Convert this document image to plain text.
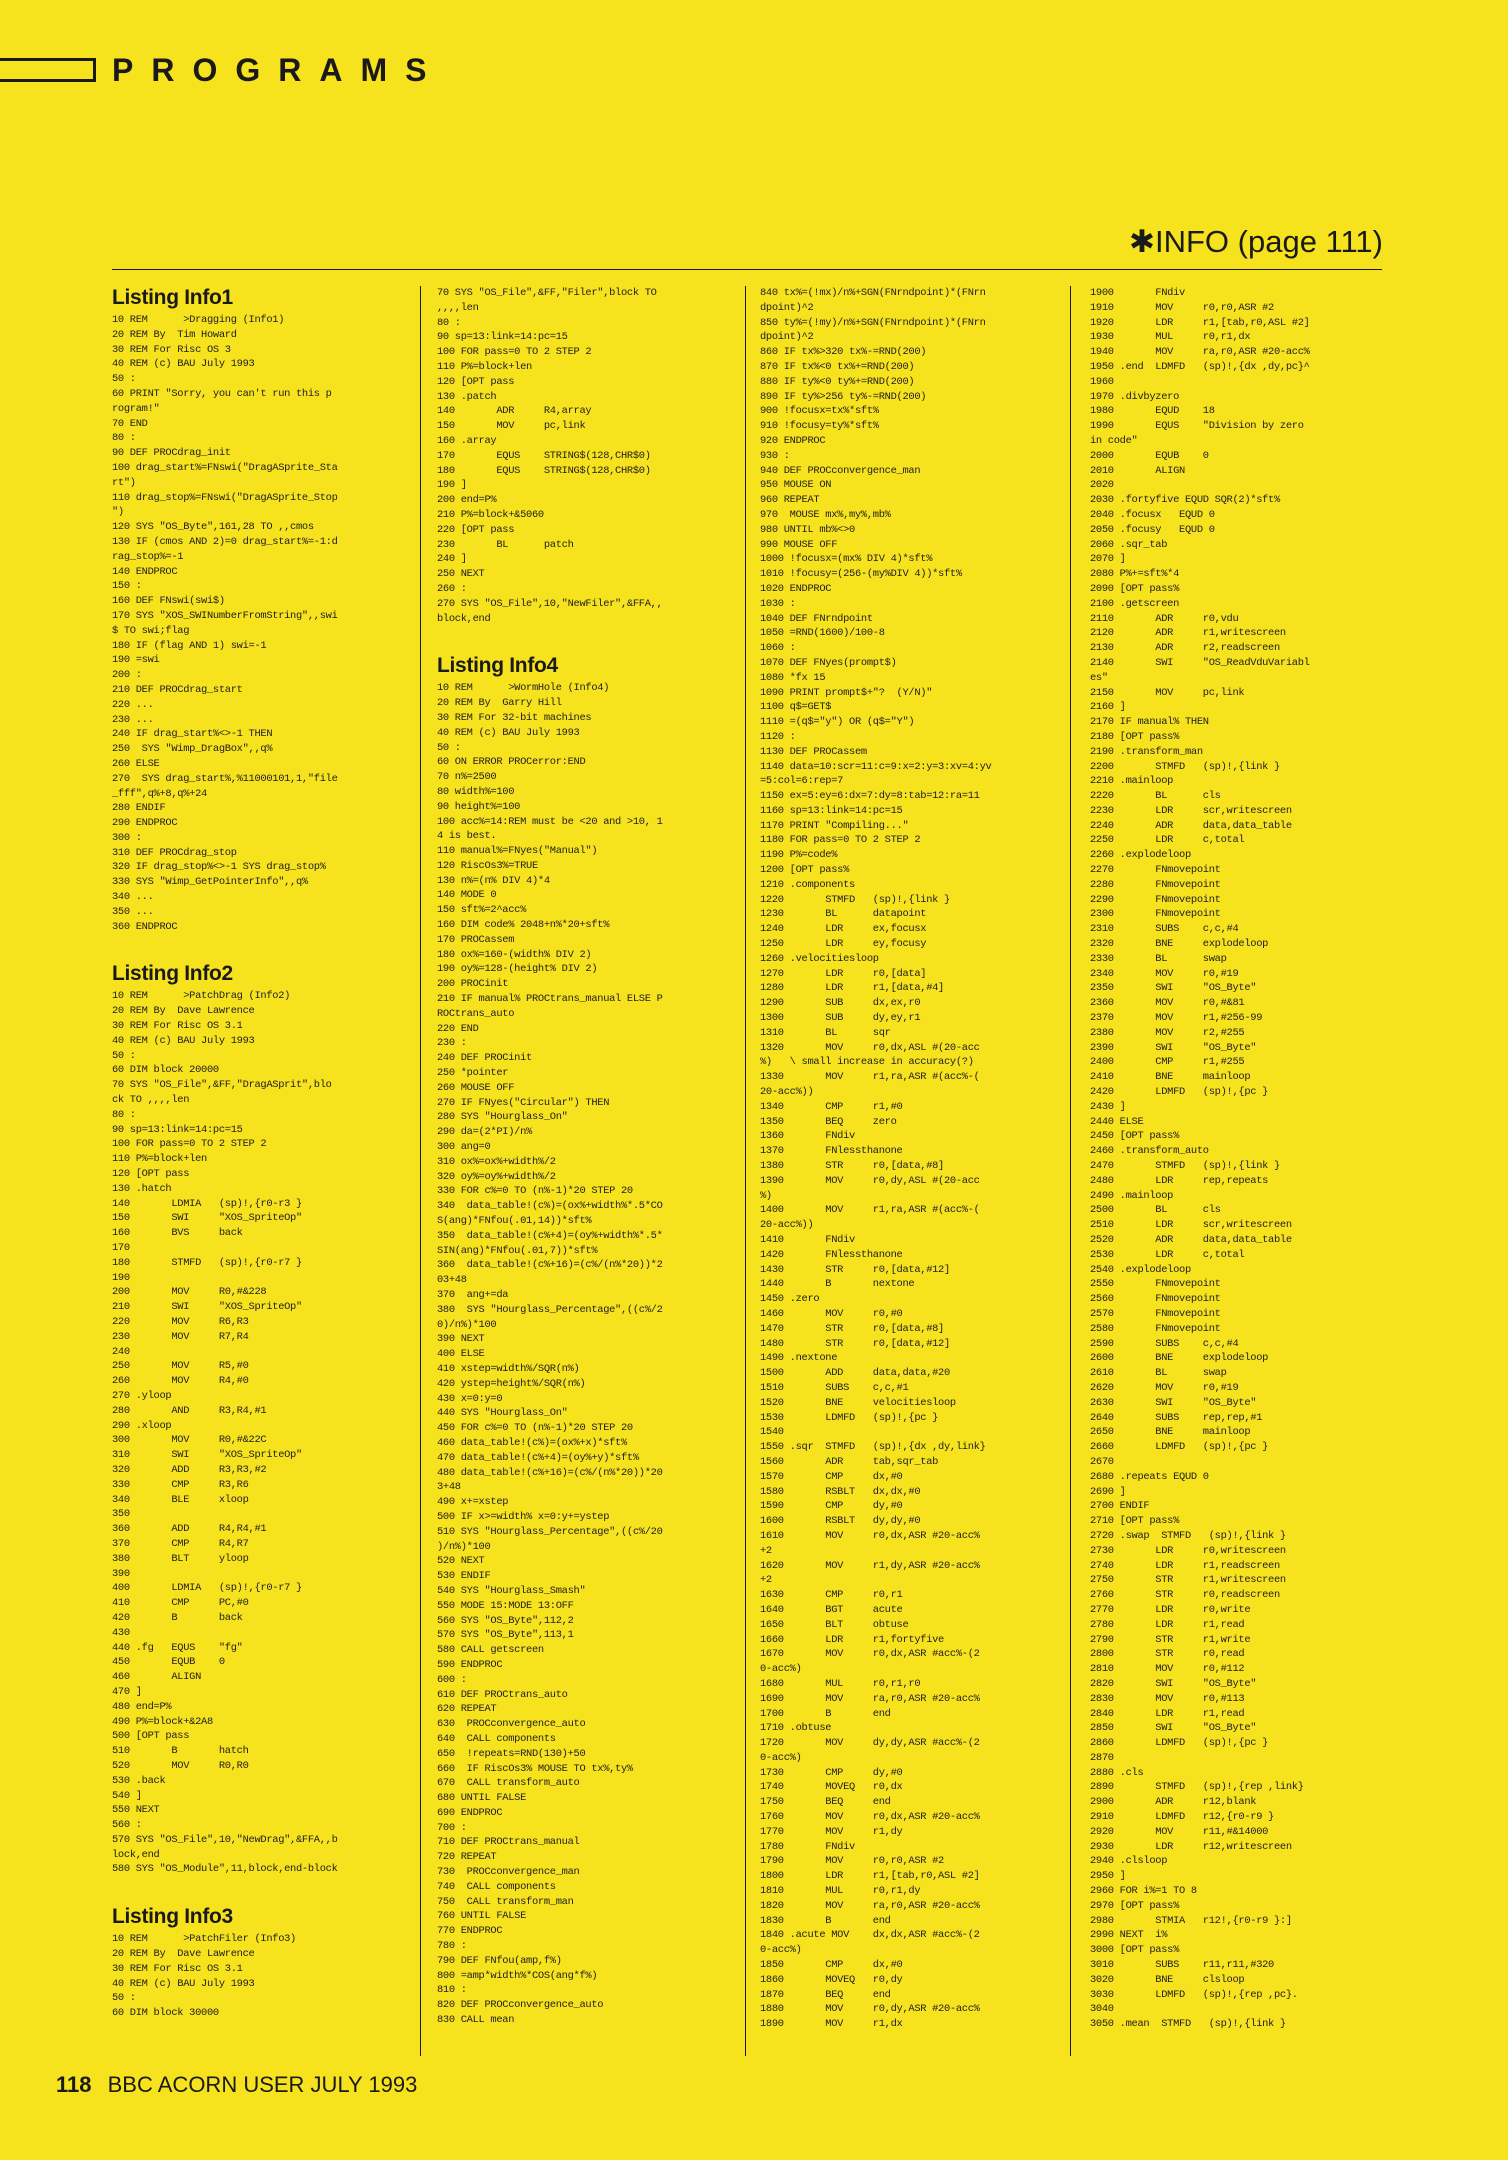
PROGRAMS
✱INFO (page 111)
Listing Info1
10 REM      >Dragging (Info1)
20 REM By  Tim Howard
30 REM For Risc OS 3
40 REM (c) BAU July 1993
50 :
60 PRINT "Sorry, you can't run this p
rogram!"
70 END
80 :
90 DEF PROCdrag_init
100 drag_start%=FNswi("DragASprite_Sta
rt")
110 drag_stop%=FNswi("DragASprite_Stop
")
120 SYS "OS_Byte",161,28 TO ,,cmos
130 IF (cmos AND 2)=0 drag_start%=-1:d
rag_stop%=-1
140 ENDPROC
150 :
160 DEF FNswi(swi$)
170 SYS "XOS_SWINumberFromString",,swi
$ TO swi;flag
180 IF (flag AND 1) swi=-1
190 =swi
200 :
210 DEF PROCdrag_start
220 ...
230 ...
240 IF drag_start%<>-1 THEN
250  SYS "Wimp_DragBox",,q%
260 ELSE
270  SYS drag_start%,%11000101,1,"file
_fff",q%+8,q%+24
280 ENDIF
290 ENDPROC
300 :
310 DEF PROCdrag_stop
320 IF drag_stop%<>-1 SYS drag_stop%
330 SYS "Wimp_GetPointerInfo",,q%
340 ...
350 ...
360 ENDPROC
Listing Info2
10 REM      >PatchDrag (Info2)
20 REM By  Dave Lawrence
30 REM For Risc OS 3.1
40 REM (c) BAU July 1993
50 :
60 DIM block 20000
70 SYS "OS_File",&FF,"DragASprit",blo
ck TO ,,,,len
80 :
90 sp=13:link=14:pc=15
100 FOR pass=0 TO 2 STEP 2
110 P%=block+len
120 [OPT pass
130 .hatch
140       LDMIA   (sp)!,{r0-r3 }
150       SWI     "XOS_SpriteOp"
160       BVS     back
170
180       STMFD   (sp)!,{r0-r7 }
190
200       MOV     R0,#&228
210       SWI     "XOS_SpriteOp"
220       MOV     R6,R3
230       MOV     R7,R4
240
250       MOV     R5,#0
260       MOV     R4,#0
270 .yloop
280       AND     R3,R4,#1
290 .xloop
300       MOV     R0,#&22C
310       SWI     "XOS_SpriteOp"
320       ADD     R3,R3,#2
330       CMP     R3,R6
340       BLE     xloop
350
360       ADD     R4,R4,#1
370       CMP     R4,R7
380       BLT     yloop
390
400       LDMIA   (sp)!,{r0-r7 }
410       CMP     PC,#0
420       B       back
430
440 .fg   EQUS    "fg"
450       EQUB    0
460       ALIGN
470 ]
480 end=P%
490 P%=block+&2A8
500 [OPT pass
510       B       hatch
520       MOV     R0,R0
530 .back
540 ]
550 NEXT
560 :
570 SYS "OS_File",10,"NewDrag",&FFA,,b
lock,end
580 SYS "OS_Module",11,block,end-block
Listing Info3
10 REM      >PatchFiler (Info3)
20 REM By  Dave Lawrence
30 REM For Risc OS 3.1
40 REM (c) BAU July 1993
50 :
60 DIM block 30000
70 SYS "OS_File",&FF,"Filer",block TO
,,,,len
80 :
90 sp=13:link=14:pc=15
100 FOR pass=0 TO 2 STEP 2
110 P%=block+len
120 [OPT pass
130 .patch
140       ADR     R4,array
150       MOV     pc,link
160 .array
170       EQUS    STRING$(128,CHR$0)
180       EQUS    STRING$(128,CHR$0)
190 ]
200 end=P%
210 P%=block+&5060
220 [OPT pass
230       BL      patch
240 ]
250 NEXT
260 :
270 SYS "OS_File",10,"NewFiler",&FFA,,
block,end
Listing Info4
10 REM      >WormHole (Info4)
20 REM By  Garry Hill
30 REM For 32-bit machines
40 REM (c) BAU July 1993
50 :
60 ON ERROR PROCerror:END
70 n%=2500
80 width%=100
90 height%=100
100 acc%=14:REM must be <20 and >10, 1
4 is best.
110 manual%=FNyes("Manual")
120 RiscOs3%=TRUE
130 n%=(n% DIV 4)*4
140 MODE 0
150 sft%=2^acc%
160 DIM code% 2048+n%*20+sft%
170 PROCassem
180 ox%=160-(width% DIV 2)
190 oy%=128-(height% DIV 2)
200 PROCinit
210 IF manual% PROCtrans_manual ELSE P
ROCtrans_auto
220 END
230 :
240 DEF PROCinit
250 *pointer
260 MOUSE OFF
270 IF FNyes("Circular") THEN
280 SYS "Hourglass_On"
290 da=(2*PI)/n%
300 ang=0
310 ox%=ox%+width%/2
320 oy%=oy%+width%/2
330 FOR c%=0 TO (n%-1)*20 STEP 20
340  data_table!(c%)=(ox%+width%*.5*CO
S(ang)*FNfou(.01,14))*sft%
350  data_table!(c%+4)=(oy%+width%*.5*
SIN(ang)*FNfou(.01,7))*sft%
360  data_table!(c%+16)=(c%/(n%*20))*2
03+48
370  ang+=da
380  SYS "Hourglass_Percentage",((c%/2
0)/n%)*100
390 NEXT
400 ELSE
410 xstep=width%/SQR(n%)
420 ystep=height%/SQR(n%)
430 x=0:y=0
440 SYS "Hourglass_On"
450 FOR c%=0 TO (n%-1)*20 STEP 20
460 data_table!(c%)=(ox%+x)*sft%
470 data_table!(c%+4)=(oy%+y)*sft%
480 data_table!(c%+16)=(c%/(n%*20))*20
3+48
490 x+=xstep
500 IF x>=width% x=0:y+=ystep
510 SYS "Hourglass_Percentage",((c%/20
)/n%)*100
520 NEXT
530 ENDIF
540 SYS "Hourglass_Smash"
550 MODE 15:MODE 13:OFF
560 SYS "OS_Byte",112,2
570 SYS "OS_Byte",113,1
580 CALL getscreen
590 ENDPROC
600 :
610 DEF PROCtrans_auto
620 REPEAT
630  PROCconvergence_auto
640  CALL components
650  !repeats=RND(130)+50
660  IF RiscOs3% MOUSE TO tx%,ty%
670  CALL transform_auto
680 UNTIL FALSE
690 ENDPROC
700 :
710 DEF PROCtrans_manual
720 REPEAT
730  PROCconvergence_man
740  CALL components
750  CALL transform_man
760 UNTIL FALSE
770 ENDPROC
780 :
790 DEF FNfou(amp,f%)
800 =amp*width%*COS(ang*f%)
810 :
820 DEF PROCconvergence_auto
830 CALL mean
840 tx%=(!mx)/n%+SGN(FNrndpoint)*(FNrn
dpoint)^2
850 ty%=(!my)/n%+SGN(FNrndpoint)*(FNrn
dpoint)^2
860 IF tx%>320 tx%-=RND(200)
870 IF tx%<0 tx%+=RND(200)
880 IF ty%<0 ty%+=RND(200)
890 IF ty%>256 ty%-=RND(200)
900 !focusx=tx%*sft%
910 !focusy=ty%*sft%
920 ENDPROC
930 :
940 DEF PROCconvergence_man
950 MOUSE ON
960 REPEAT
970  MOUSE mx%,my%,mb%
980 UNTIL mb%<>0
990 MOUSE OFF
1000 !focusx=(mx% DIV 4)*sft%
1010 !focusy=(256-(my%DIV 4))*sft%
1020 ENDPROC
1030 :
1040 DEF FNrndpoint
1050 =RND(1600)/100-8
1060 :
1070 DEF FNyes(prompt$)
1080 *fx 15
1090 PRINT prompt$+"?  (Y/N)"
1100 q$=GET$
1110 =(q$="y") OR (q$="Y")
1120 :
1130 DEF PROCassem
1140 data=10:scr=11:c=9:x=2:y=3:xv=4:yv
=5:col=6:rep=7
1150 ex=5:ey=6:dx=7:dy=8:tab=12:ra=11
1160 sp=13:link=14:pc=15
1170 PRINT "Compiling..."
1180 FOR pass=0 TO 2 STEP 2
1190 P%=code%
1200 [OPT pass%
1210 .components
1220       STMFD   (sp)!,{link }
1230       BL      datapoint
1240       LDR     ex,focusx
1250       LDR     ey,focusy
1260 .velocitiesloop
1270       LDR     r0,[data]
1280       LDR     r1,[data,#4]
1290       SUB     dx,ex,r0
1300       SUB     dy,ey,r1
1310       BL      sqr
1320       MOV     r0,dx,ASL #(20-acc
%)   \ small increase in accuracy(?)
1330       MOV     r1,ra,ASR #(acc%-(
20-acc%))
1340       CMP     r1,#0
1350       BEQ     zero
1360       FNdiv
1370       FNlessthanone
1380       STR     r0,[data,#8]
1390       MOV     r0,dy,ASL #(20-acc
%)
1400       MOV     r1,ra,ASR #(acc%-(
20-acc%))
1410       FNdiv
1420       FNlessthanone
1430       STR     r0,[data,#12]
1440       B       nextone
1450 .zero
1460       MOV     r0,#0
1470       STR     r0,[data,#8]
1480       STR     r0,[data,#12]
1490 .nextone
1500       ADD     data,data,#20
1510       SUBS    c,c,#1
1520       BNE     velocitiesloop
1530       LDMFD   (sp)!,{pc }
1540
1550 .sqr  STMFD   (sp)!,{dx ,dy,link}
1560       ADR     tab,sqr_tab
1570       CMP     dx,#0
1580       RSBLT   dx,dx,#0
1590       CMP     dy,#0
1600       RSBLT   dy,dy,#0
1610       MOV     r0,dx,ASR #20-acc%
+2
1620       MOV     r1,dy,ASR #20-acc%
+2
1630       CMP     r0,r1
1640       BGT     acute
1650       BLT     obtuse
1660       LDR     r1,fortyfive
1670       MOV     r0,dx,ASR #acc%-(2
0-acc%)
1680       MUL     r0,r1,r0
1690       MOV     ra,r0,ASR #20-acc%
1700       B       end
1710 .obtuse
1720       MOV     dy,dy,ASR #acc%-(2
0-acc%)
1730       CMP     dy,#0
1740       MOVEQ   r0,dx
1750       BEQ     end
1760       MOV     r0,dx,ASR #20-acc%
1770       MOV     r1,dy
1780       FNdiv
1790       MOV     r0,r0,ASR #2
1800       LDR     r1,[tab,r0,ASL #2]
1810       MUL     r0,r1,dy
1820       MOV     ra,r0,ASR #20-acc%
1830       B       end
1840 .acute MOV    dx,dx,ASR #acc%-(2
0-acc%)
1850       CMP     dx,#0
1860       MOVEQ   r0,dy
1870       BEQ     end
1880       MOV     r0,dy,ASR #20-acc%
1890       MOV     r1,dx
1900       FNdiv
1910       MOV     r0,r0,ASR #2
1920       LDR     r1,[tab,r0,ASL #2]
1930       MUL     r0,r1,dx
1940       MOV     ra,r0,ASR #20-acc%
1950 .end  LDMFD   (sp)!,{dx ,dy,pc}^
1960
1970 .divbyzero
1980       EQUD    18
1990       EQUS    "Division by zero
in code"
2000       EQUB    0
2010       ALIGN
2020
2030 .fortyfive EQUD SQR(2)*sft%
2040 .focusx   EQUD 0
2050 .focusy   EQUD 0
2060 .sqr_tab
2070 ]
2080 P%+=sft%*4
2090 [OPT pass%
2100 .getscreen
2110       ADR     r0,vdu
2120       ADR     r1,writescreen
2130       ADR     r2,readscreen
2140       SWI     "OS_ReadVduVariabl
es"
2150       MOV     pc,link
2160 ]
2170 IF manual% THEN
2180 [OPT pass%
2190 .transform_man
2200       STMFD   (sp)!,{link }
2210 .mainloop
2220       BL      cls
2230       LDR     scr,writescreen
2240       ADR     data,data_table
2250       LDR     c,total
2260 .explodeloop
2270       FNmovepoint
2280       FNmovepoint
2290       FNmovepoint
2300       FNmovepoint
2310       SUBS    c,c,#4
2320       BNE     explodeloop
2330       BL      swap
2340       MOV     r0,#19
2350       SWI     "OS_Byte"
2360       MOV     r0,#&81
2370       MOV     r1,#256-99
2380       MOV     r2,#255
2390       SWI     "OS_Byte"
2400       CMP     r1,#255
2410       BNE     mainloop
2420       LDMFD   (sp)!,{pc }
2430 ]
2440 ELSE
2450 [OPT pass%
2460 .transform_auto
2470       STMFD   (sp)!,{link }
2480       LDR     rep,repeats
2490 .mainloop
2500       BL      cls
2510       LDR     scr,writescreen
2520       ADR     data,data_table
2530       LDR     c,total
2540 .explodeloop
2550       FNmovepoint
2560       FNmovepoint
2570       FNmovepoint
2580       FNmovepoint
2590       SUBS    c,c,#4
2600       BNE     explodeloop
2610       BL      swap
2620       MOV     r0,#19
2630       SWI     "OS_Byte"
2640       SUBS    rep,rep,#1
2650       BNE     mainloop
2660       LDMFD   (sp)!,{pc }
2670
2680 .repeats EQUD 0
2690 ]
2700 ENDIF
2710 [OPT pass%
2720 .swap  STMFD   (sp)!,{link }
2730       LDR     r0,writescreen
2740       LDR     r1,readscreen
2750       STR     r1,writescreen
2760       STR     r0,readscreen
2770       LDR     r0,write
2780       LDR     r1,read
2790       STR     r1,write
2800       STR     r0,read
2810       MOV     r0,#112
2820       SWI     "OS_Byte"
2830       MOV     r0,#113
2840       LDR     r1,read
2850       SWI     "OS_Byte"
2860       LDMFD   (sp)!,{pc }
2870
2880 .cls
2890       STMFD   (sp)!,{rep ,link}
2900       ADR     r12,blank
2910       LDMFD   r12,{r0-r9 }
2920       MOV     r11,#&14000
2930       LDR     r12,writescreen
2940 .clsloop
2950 ]
2960 FOR i%=1 TO 8
2970 [OPT pass%
2980       STMIA   r12!,{r0-r9 }:]
2990 NEXT  i%
3000 [OPT pass%
3010       SUBS    r11,r11,#320
3020       BNE     clsloop
3030       LDMFD   (sp)!,{rep ,pc}.
3040
3050 .mean  STMFD   (sp)!,{link }
118 BBC ACORN USER JULY 1993
